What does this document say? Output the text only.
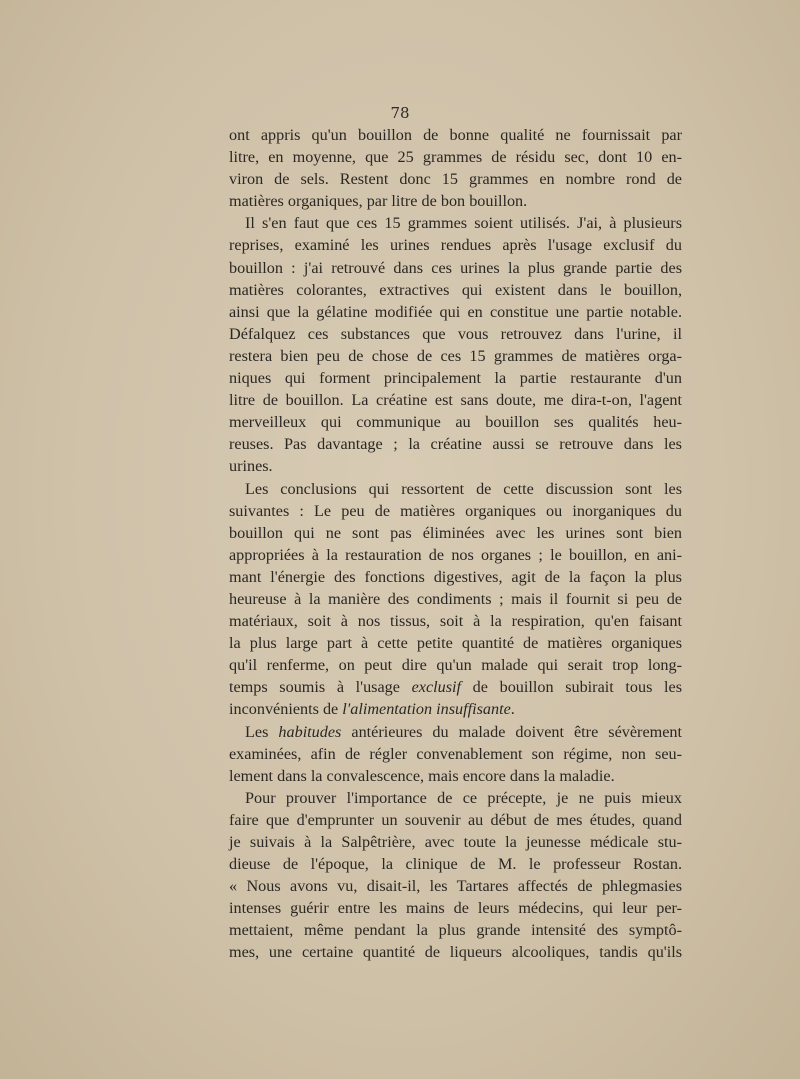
78

ont appris qu'un bouillon de bonne qualité ne fournissait par
litre, en moyenne, que 25 grammes de résidu sec, dont 10 en-
viron de sels. Restent donc 15 grammes en nombre rond de
matières organiques, par litre de bon bouillon.

Il s'en faut que ces 15 grammes soient utilisés. J'ai, à plusieurs
reprises, examiné les urines rendues après l'usage exclusif du
bouillon : j'ai retrouvé dans ces urines la plus grande partie des
matières colorantes, extractives qui existent dans le bouillon,
ainsi que la gélatine modifiée qui en constitue une partie notable.
Défalquez ces substances que vous retrouvez dans l'urine, il
restera bien peu de chose de ces 15 grammes de matières orga-
niques qui forment principalement la partie restaurante d'un
litre de bouillon. La créatine est sans doute, me dira-t-on, l'agent
merveilleux qui communique au bouillon ses qualités heu-
reuses. Pas davantage ; la créatine aussi se retrouve dans les
urines.

Les conclusions qui ressortent de cette discussion sont les
suivantes : Le peu de matières organiques ou inorganiques du
bouillon qui ne sont pas éliminées avec les urines sont bien
appropriées à la restauration de nos organes ; le bouillon, en ani-
mant l'énergie des fonctions digestives, agit de la façon la plus
heureuse à la manière des condiments ; mais il fournit si peu de
matériaux, soit à nos tissus, soit à la respiration, qu'en faisant
la plus large part à cette petite quantité de matières organiques
qu'il renferme, on peut dire qu'un malade qui serait trop long-
temps soumis à l'usage exclusif de bouillon subirait tous les
inconvénients de l'alimentation insuffisante.

Les habitudes antérieures du malade doivent être sévèrement
examinées, afin de régler convenablement son régime, non seu-
lement dans la convalescence, mais encore dans la maladie.

Pour prouver l'importance de ce précepte, je ne puis mieux
faire que d'emprunter un souvenir au début de mes études, quand
je suivais à la Salpêtrière, avec toute la jeunesse médicale stu-
dieuse de l'époque, la clinique de M. le professeur Rostan.
« Nous avons vu, disait-il, les Tartares affectés de phlegmasies
intenses guérir entre les mains de leurs médecins, qui leur per-
mettaient, même pendant la plus grande intensité des symptô-
mes, une certaine quantité de liqueurs alcooliques, tandis qu'ils
